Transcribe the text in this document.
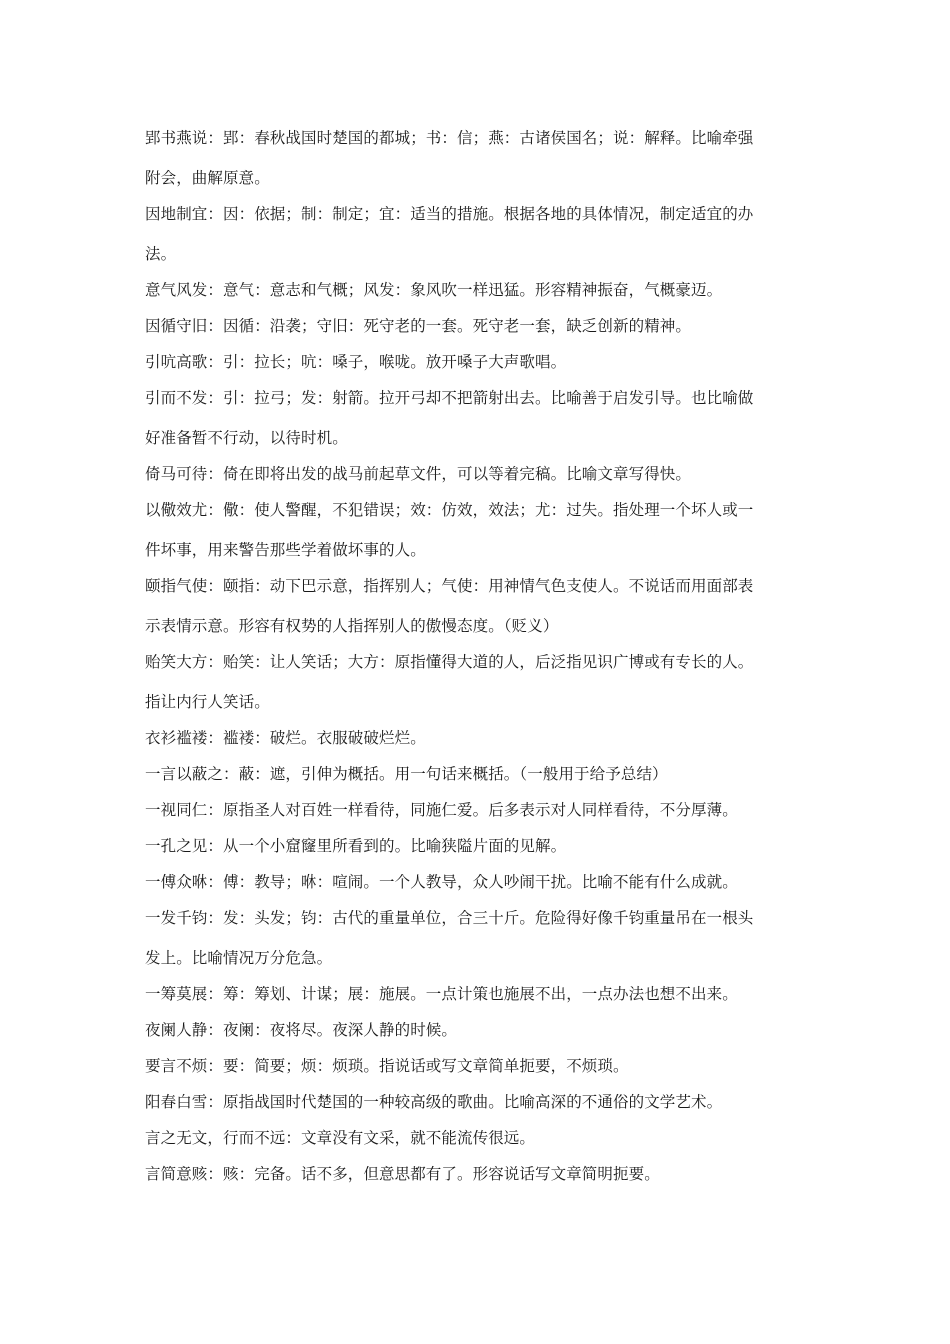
郢书燕说：郢：春秋战国时楚国的都城；书：信；燕：古诸侯国名；说：解释。比喻牵强
附会，曲解原意。
因地制宜：因：依据；制：制定；宜：适当的措施。根据各地的具体情况，制定适宜的办
法。
意气风发：意气：意志和气概；风发：象风吹一样迅猛。形容精神振奋，气概豪迈。
因循守旧：因循：沿袭；守旧：死守老的一套。死守老一套，缺乏创新的精神。
引吭高歌：引：拉长；吭：嗓子，喉咙。放开嗓子大声歌唱。
引而不发：引：拉弓；发：射箭。拉开弓却不把箭射出去。比喻善于启发引导。也比喻做
好准备暂不行动，以待时机。
倚马可待：倚在即将出发的战马前起草文件，可以等着完稿。比喻文章写得快。
以儆效尤：儆：使人警醒，不犯错误；效：仿效，效法；尤：过失。指处理一个坏人或一
件坏事，用来警告那些学着做坏事的人。
颐指气使：颐指：动下巴示意，指挥别人；气使：用神情气色支使人。不说话而用面部表
示表情示意。形容有权势的人指挥别人的傲慢态度。（贬义）
贻笑大方：贻笑：让人笑话；大方：原指懂得大道的人，后泛指见识广博或有专长的人。
指让内行人笑话。
衣衫褴褛：褴褛：破烂。衣服破破烂烂。
一言以蔽之：蔽：遮，引伸为概括。用一句话来概括。（一般用于给予总结）
一视同仁：原指圣人对百姓一样看待，同施仁爱。后多表示对人同样看待，不分厚薄。
一孔之见：从一个小窟窿里所看到的。比喻狭隘片面的见解。
一傅众咻：傅：教导；咻：喧闹。一个人教导，众人吵闹干扰。比喻不能有什么成就。
一发千钧：发：头发；钧：古代的重量单位，合三十斤。危险得好像千钧重量吊在一根头
发上。比喻情况万分危急。
一筹莫展：筹：筹划、计谋；展：施展。一点计策也施展不出，一点办法也想不出来。
夜阑人静：夜阑：夜将尽。夜深人静的时候。
要言不烦：要：简要；烦：烦琐。指说话或写文章简单扼要，不烦琐。
阳春白雪：原指战国时代楚国的一种较高级的歌曲。比喻高深的不通俗的文学艺术。
言之无文，行而不远：文章没有文采，就不能流传很远。
言简意赅：赅：完备。话不多，但意思都有了。形容说话写文章简明扼要。
